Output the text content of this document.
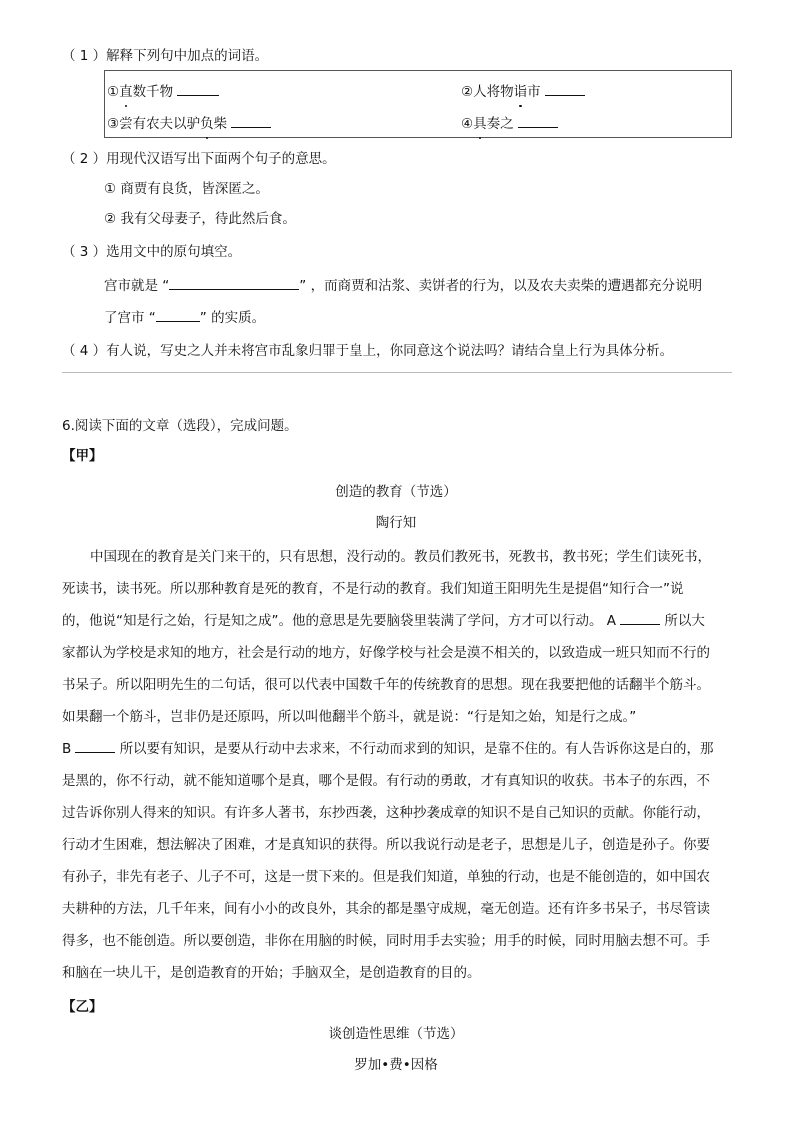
（ 1 ）解释下列句中加点的词语。
①直数千物	②人将物诣市
③尝有农夫以驴负柴	④具奏之
（ 2 ）用现代汉语写出下面两个句子的意思。
① 商贾有良货，皆深匿之。
② 我有父母妻子，待此然后食。
（ 3 ）选用文中的原句填空。
宫市就是 “	” ，而商贾和沽浆、卖饼者的行为，以及农夫卖柴的遭遇都充分说明
了宫市 “	” 的实质。
（ 4 ）有人说，写史之人并未将宫市乱象归罪于皇上，你同意这个说法吗？请结合皇上行为具体分析。
6.阅读下面的文章（选段），完成问题。
【甲】
创造的教育（节选）
陶行知
中国现在的教育是关门来干的，只有思想，没行动的。教员们教死书，死教书，教书死；学生们读死书，
死读书，读书死。所以那种教育是死的教育，不是行动的教育。我们知道王阳明先生是提倡“知行合一”说
的，他说“知是行之始，行是知之成”。他的意思是先要脑袋里装满了学问，方才可以行动。 A	所以大
家都认为学校是求知的地方，社会是行动的地方，好像学校与社会是漠不相关的，以致造成一班只知而不行的
书呆子。所以阳明先生的二句话，很可以代表中国数千年的传统教育的思想。现在我要把他的话翻半个筋斗。
如果翻一个筋斗，岂非仍是还原吗，所以叫他翻半个筋斗，就是说：“行是知之始，知是行之成。”
B	所以要有知识，是要从行动中去求来，不行动而求到的知识，是靠不住的。有人告诉你这是白的，那
是黑的，你不行动，就不能知道哪个是真，哪个是假。有行动的勇敢，才有真知识的收获。书本子的东西，不
过告诉你别人得来的知识。有许多人著书，东抄西袭，这种抄袭成章的知识不是自己知识的贡献。你能行动，
行动才生困难，想法解决了困难，才是真知识的获得。所以我说行动是老子，思想是儿子，创造是孙子。你要
有孙子，非先有老子、儿子不可，这是一贯下来的。但是我们知道，单独的行动，也是不能创造的，如中国农
夫耕种的方法，几千年来，间有小小的改良外，其余的都是墨守成规，毫无创造。还有许多书呆子，书尽管读
得多，也不能创造。所以要创造，非你在用脑的时候，同时用手去实验；用手的时候，同时用脑去想不可。手
和脑在一块儿干，是创造教育的开始；手脑双全，是创造教育的目的。
【乙】
谈创造性思维（节选）
罗加•费•因格
